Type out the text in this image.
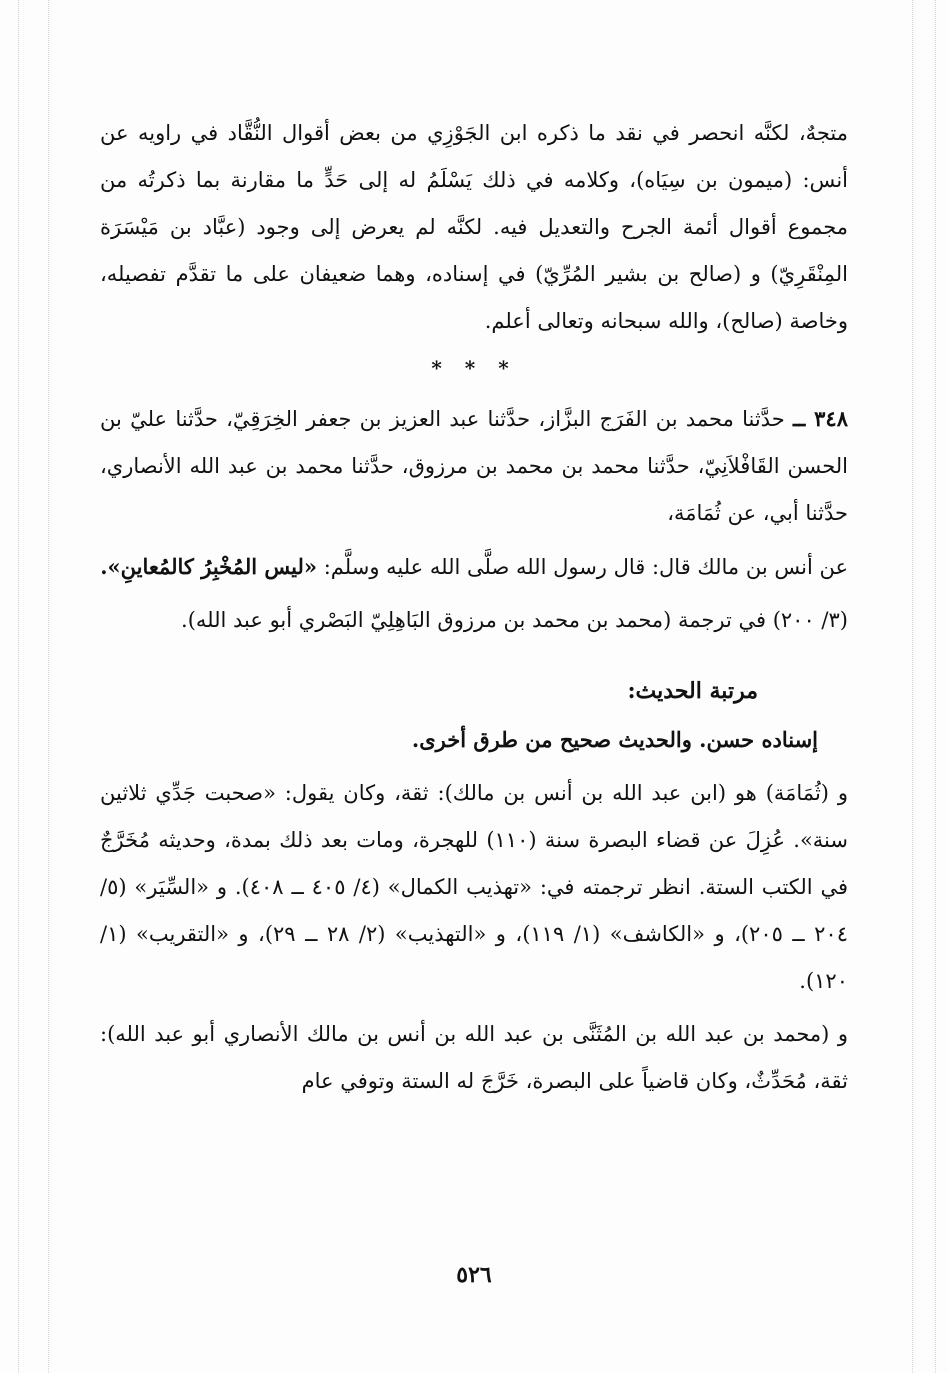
متجهٌ، لكنَّه انحصر في نقد ما ذكره ابن الجَوْزِي من بعض أقوال النُّقَّاد في راويه عن أنس: (ميمون بن سِيَاه)، وكلامه في ذلك يَسْلَمُ له إلى حَدٍّ ما مقارنة بما ذكرتُه من مجموع أقوال أئمة الجرح والتعديل فيه. لكنَّه لم يعرض إلى وجود (عبَّاد بن مَيْسَرَة المِنْقَرِيّ) و (صالح بن بشير المُرِّيّ) في إسناده، وهما ضعيفان على ما تقدَّم تفصيله، وخاصة (صالح)، والله سبحانه وتعالى أعلم.

* * *

٣٤٨ ــ حدَّثنا محمد بن الفَرَج البزَّاز، حدَّثنا عبد العزيز بن جعفر الخِرَقِيّ، حدَّثنا عليّ بن الحسن القَافْلاَنِيّ، حدَّثنا محمد بن محمد بن مرزوق، حدَّثنا محمد بن عبد الله الأنصاري، حدَّثنا أبي، عن ثُمَامَة،

عن أنس بن مالك قال: قال رسول الله صلَّى الله عليه وسلَّم: «ليس المُخْبِرُ كالمُعاينِ».

(٣/ ٢٠٠) في ترجمة (محمد بن محمد بن مرزوق البَاهِلِيّ البَصْري أبو عبد الله).

مرتبة الحديث:

إسناده حسن. والحديث صحيح من طرق أخرى.

و (ثُمَامَة) هو (ابن عبد الله بن أنس بن مالك): ثقة، وكان يقول: «صحبت جَدِّي ثلاثين سنة». عُزِلَ عن قضاء البصرة سنة (١١٠) للهجرة، ومات بعد ذلك بمدة، وحديثه مُخَرَّجٌ في الكتب الستة. انظر ترجمته في: «تهذيب الكمال» (٤/ ٤٠٥ ــ ٤٠٨). و «السِّيَر» (٥/ ٢٠٤ ــ ٢٠٥)، و «الكاشف» (١/ ١١٩)، و «التهذيب» (٢/ ٢٨ ــ ٢٩)، و «التقريب» (١/ ١٢٠).

و (محمد بن عبد الله بن المُثَنَّى بن عبد الله بن أنس بن مالك الأنصاري أبو عبد الله): ثقة، مُحَدِّثٌ، وكان قاضياً على البصرة، خَرَّجَ له الستة وتوفي عام

٥٢٦
